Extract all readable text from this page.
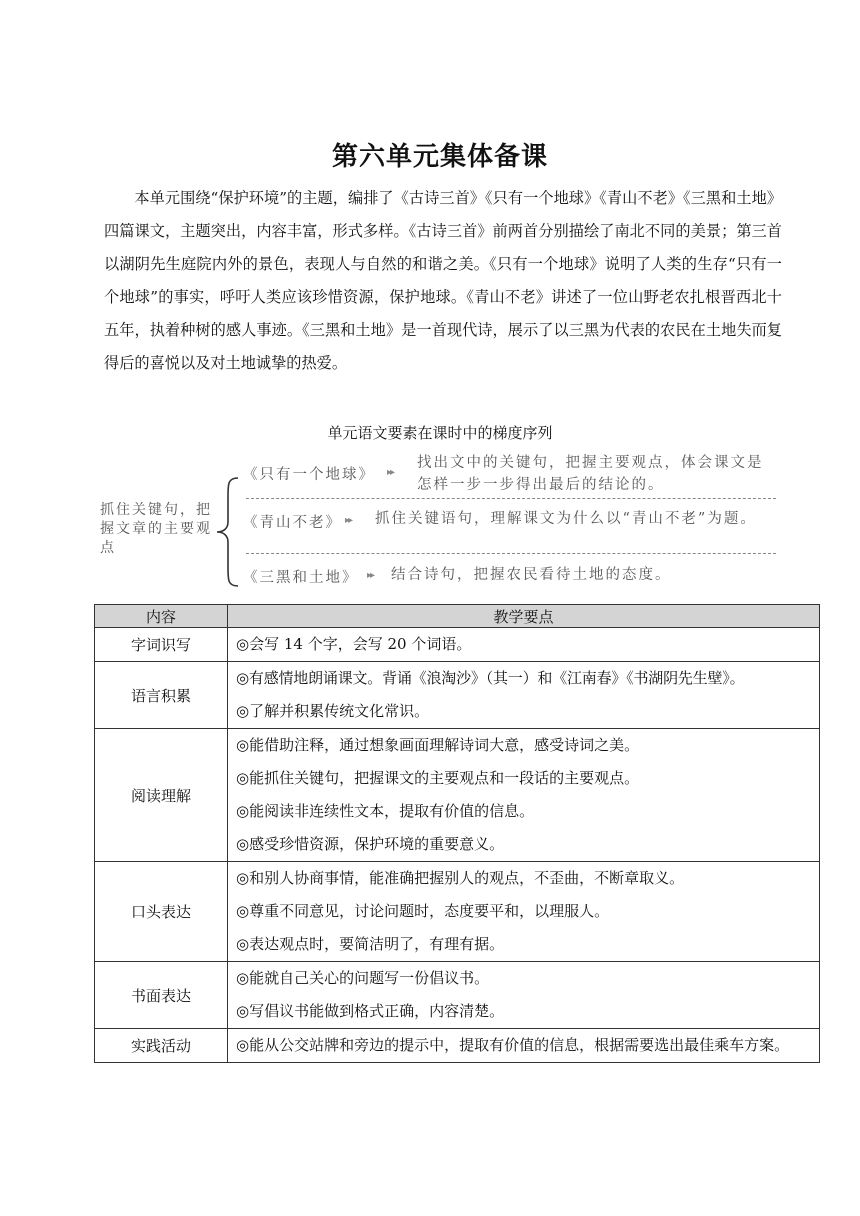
第六单元集体备课

本单元围绕“保护环境”的主题，编排了《古诗三首》《只有一个地球》《青山不老》《三黑和土地》四篇课文，主题突出，内容丰富，形式多样。《古诗三首》前两首分别描绘了南北不同的美景；第三首以湖阴先生庭院内外的景色，表现人与自然的和谐之美。《只有一个地球》说明了人类的生存“只有一个地球”的事实，呼吁人类应该珍惜资源，保护地球。《青山不老》讲述了一位山野老农扎根晋西北十五年，执着种树的感人事迹。《三黑和土地》是一首现代诗，展示了以三黑为代表的农民在土地失而复得后的喜悦以及对土地诚挚的热爱。

单元语文要素在课时中的梯度序列

抓住关键句，把握文章的主要观点
《只有一个地球》 ▸▸
找出文中的关键句，把握主要观点，体会课文是怎样一步一步得出最后的结论的。
《青山不老》 ▸▸ 抓住关键语句，理解课文为什么以“青山不老”为题。
《三黑和土地》 ▸▸ 结合诗句，把握农民看待土地的态度。
内容	教学要点
字词识写	◎会写 14 个字，会写 20 个词语。

语言积累	◎有感情地朗诵课文。背诵《浪淘沙》（其一）和《江南春》《书湖阴先生壁》。
◎了解并积累传统文化常识。

阅读理解	◎能借助注释，通过想象画面理解诗词大意，感受诗词之美。
◎能抓住关键句，把握课文的主要观点和一段话的主要观点。
◎能阅读非连续性文本，提取有价值的信息。
◎感受珍惜资源，保护环境的重要意义。

口头表达	◎和别人协商事情，能准确把握别人的观点，不歪曲，不断章取义。
◎尊重不同意见，讨论问题时，态度要平和，以理服人。
◎表达观点时，要简洁明了，有理有据。

书面表达	◎能就自己关心的问题写一份倡议书。
◎写倡议书能做到格式正确，内容清楚。

实践活动	◎能从公交站牌和旁边的提示中，提取有价值的信息，根据需要选出最佳乘车方案。
